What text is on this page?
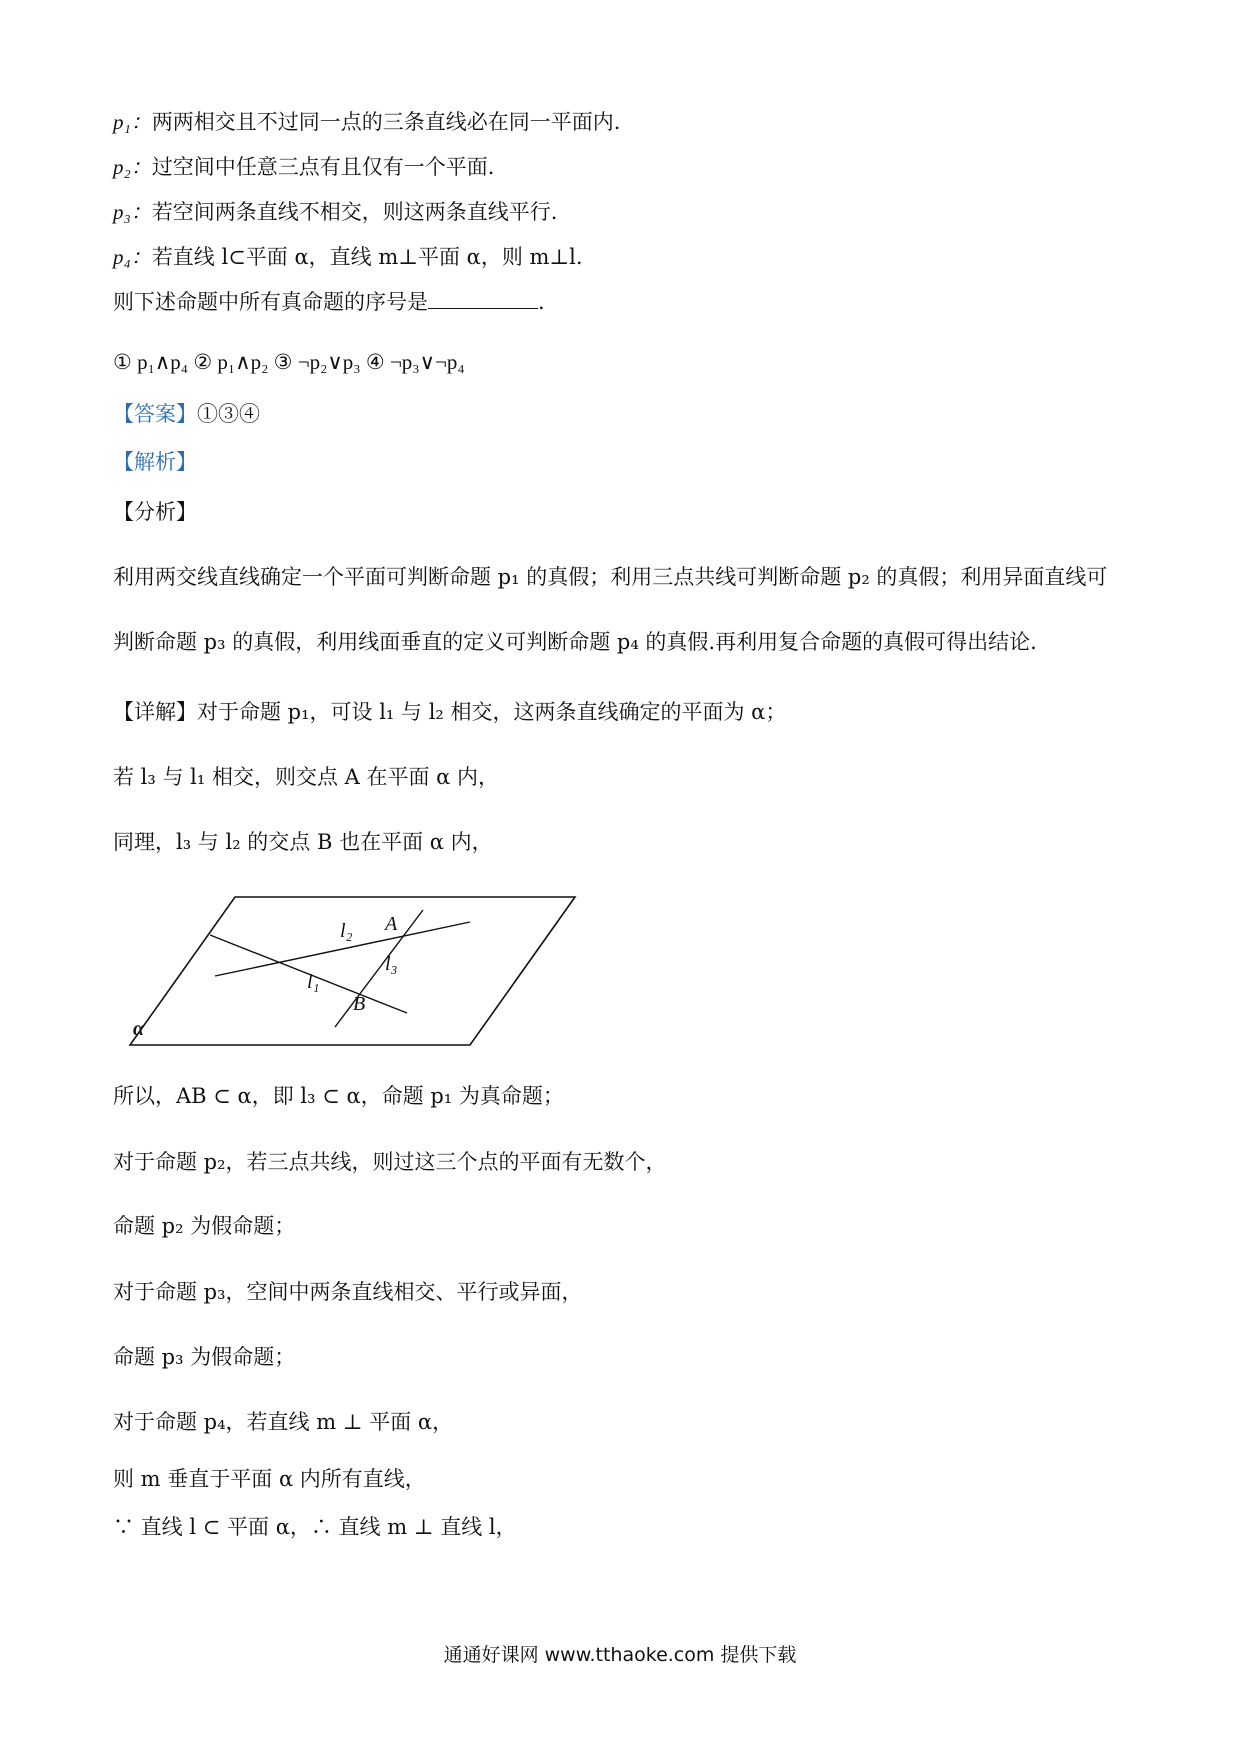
p₁：两两相交且不过同一点的三条直线必在同一平面内.
p₂：过空间中任意三点有且仅有一个平面.
p₃：若空间两条直线不相交，则这两条直线平行.
p₄：若直线 l⊂平面 α，直线 m⊥平面 α，则 m⊥l.
则下述命题中所有真命题的序号是	.
① p₁∧p₄ ② p₁∧p₂ ③ ¬p₂∨p₃ ④ ¬p₃∨¬p₄
【答案】①③④
【解析】
【分析】
利用两交线直线确定一个平面可判断命题 p₁ 的真假；利用三点共线可判断命题 p₂ 的真假；利用异面直线可
判断命题 p₃ 的真假，利用线面垂直的定义可判断命题 p₄ 的真假.再利用复合命题的真假可得出结论.
【详解】对于命题 p₁，可设 l₁ 与 l₂ 相交，这两条直线确定的平面为 α；
若 l₃ 与 l₁ 相交，则交点 A 在平面 α 内，
同理，l₃ 与 l₂ 的交点 B 也在平面 α 内，
l₂ A
l₃
l₁
B
α
所以，AB ⊂ α，即 l₃ ⊂ α，命题 p₁ 为真命题；
对于命题 p₂，若三点共线，则过这三个点的平面有无数个，
命题 p₂ 为假命题；
对于命题 p₃，空间中两条直线相交、平行或异面，
命题 p₃ 为假命题；
对于命题 p₄，若直线 m ⊥ 平面 α，
则 m 垂直于平面 α 内所有直线，
∵ 直线 l ⊂ 平面 α，∴ 直线 m ⊥ 直线 l，
通通好课网 www.tthaoke.com 提供下载
